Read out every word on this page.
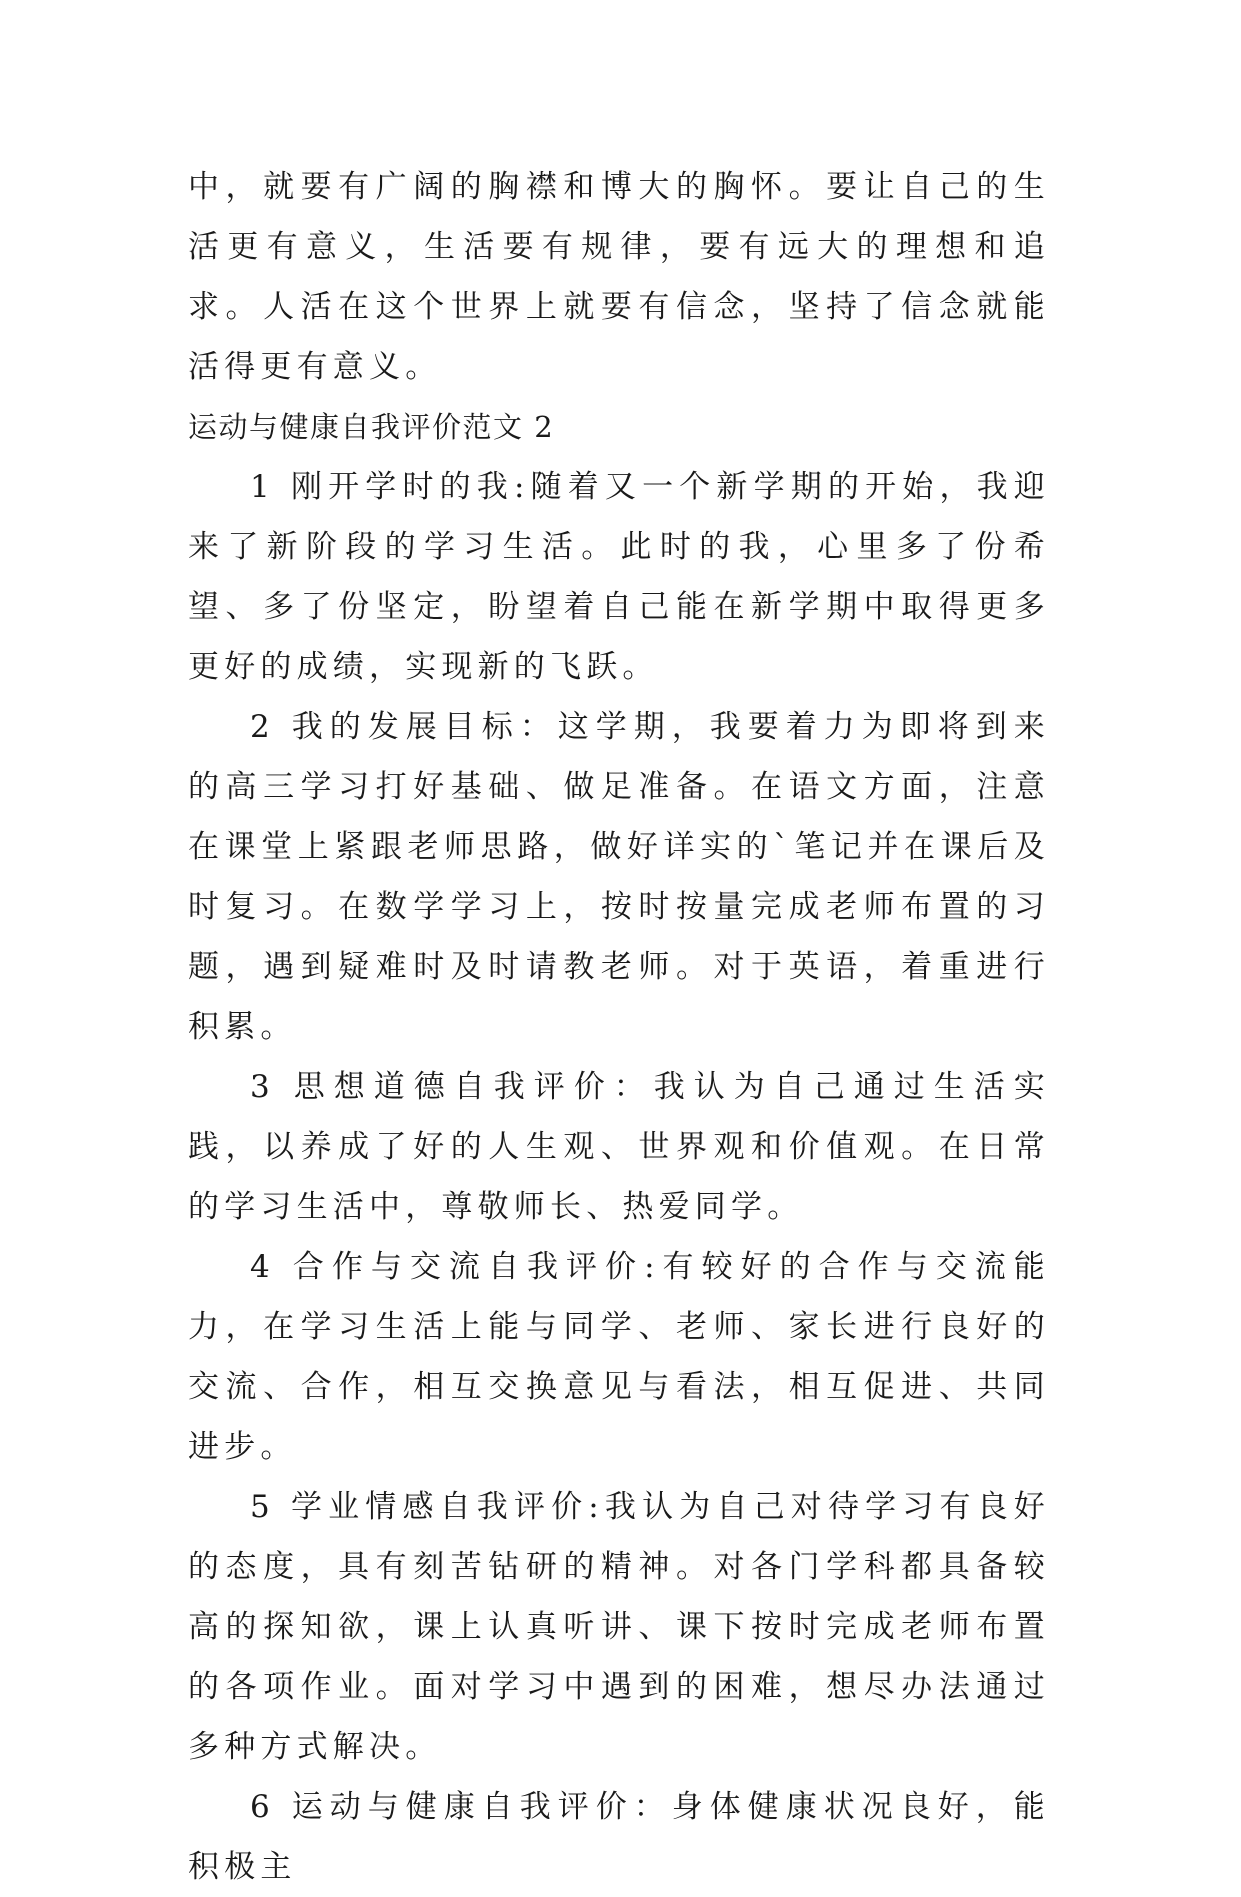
中，就要有广阔的胸襟和博大的胸怀。要让自己的生活更有意义，生活要有规律，要有远大的理想和追求。人活在这个世界上就要有信念，坚持了信念就能活得更有意义。

运动与健康自我评价范文 2

1 刚开学时的我:随着又一个新学期的开始，我迎来了新阶段的学习生活。此时的我，心里多了份希望、多了份坚定，盼望着自己能在新学期中取得更多更好的成绩，实现新的飞跃。

2 我的发展目标：这学期，我要着力为即将到来的高三学习打好基础、做足准备。在语文方面，注意在课堂上紧跟老师思路，做好详实的`笔记并在课后及时复习。在数学学习上，按时按量完成老师布置的习题，遇到疑难时及时请教老师。对于英语，着重进行积累。

3 思想道德自我评价：我认为自己通过生活实践，以养成了好的人生观、世界观和价值观。在日常的学习生活中，尊敬师长、热爱同学。

4 合作与交流自我评价:有较好的合作与交流能力，在学习生活上能与同学、老师、家长进行良好的交流、合作，相互交换意见与看法，相互促进、共同进步。

5 学业情感自我评价:我认为自己对待学习有良好的态度，具有刻苦钻研的精神。对各门学科都具备较高的探知欲，课上认真听讲、课下按时完成老师布置的各项作业。面对学习中遇到的困难，想尽办法通过多种方式解决。

6 运动与健康自我评价：身体健康状况良好，能积极主
